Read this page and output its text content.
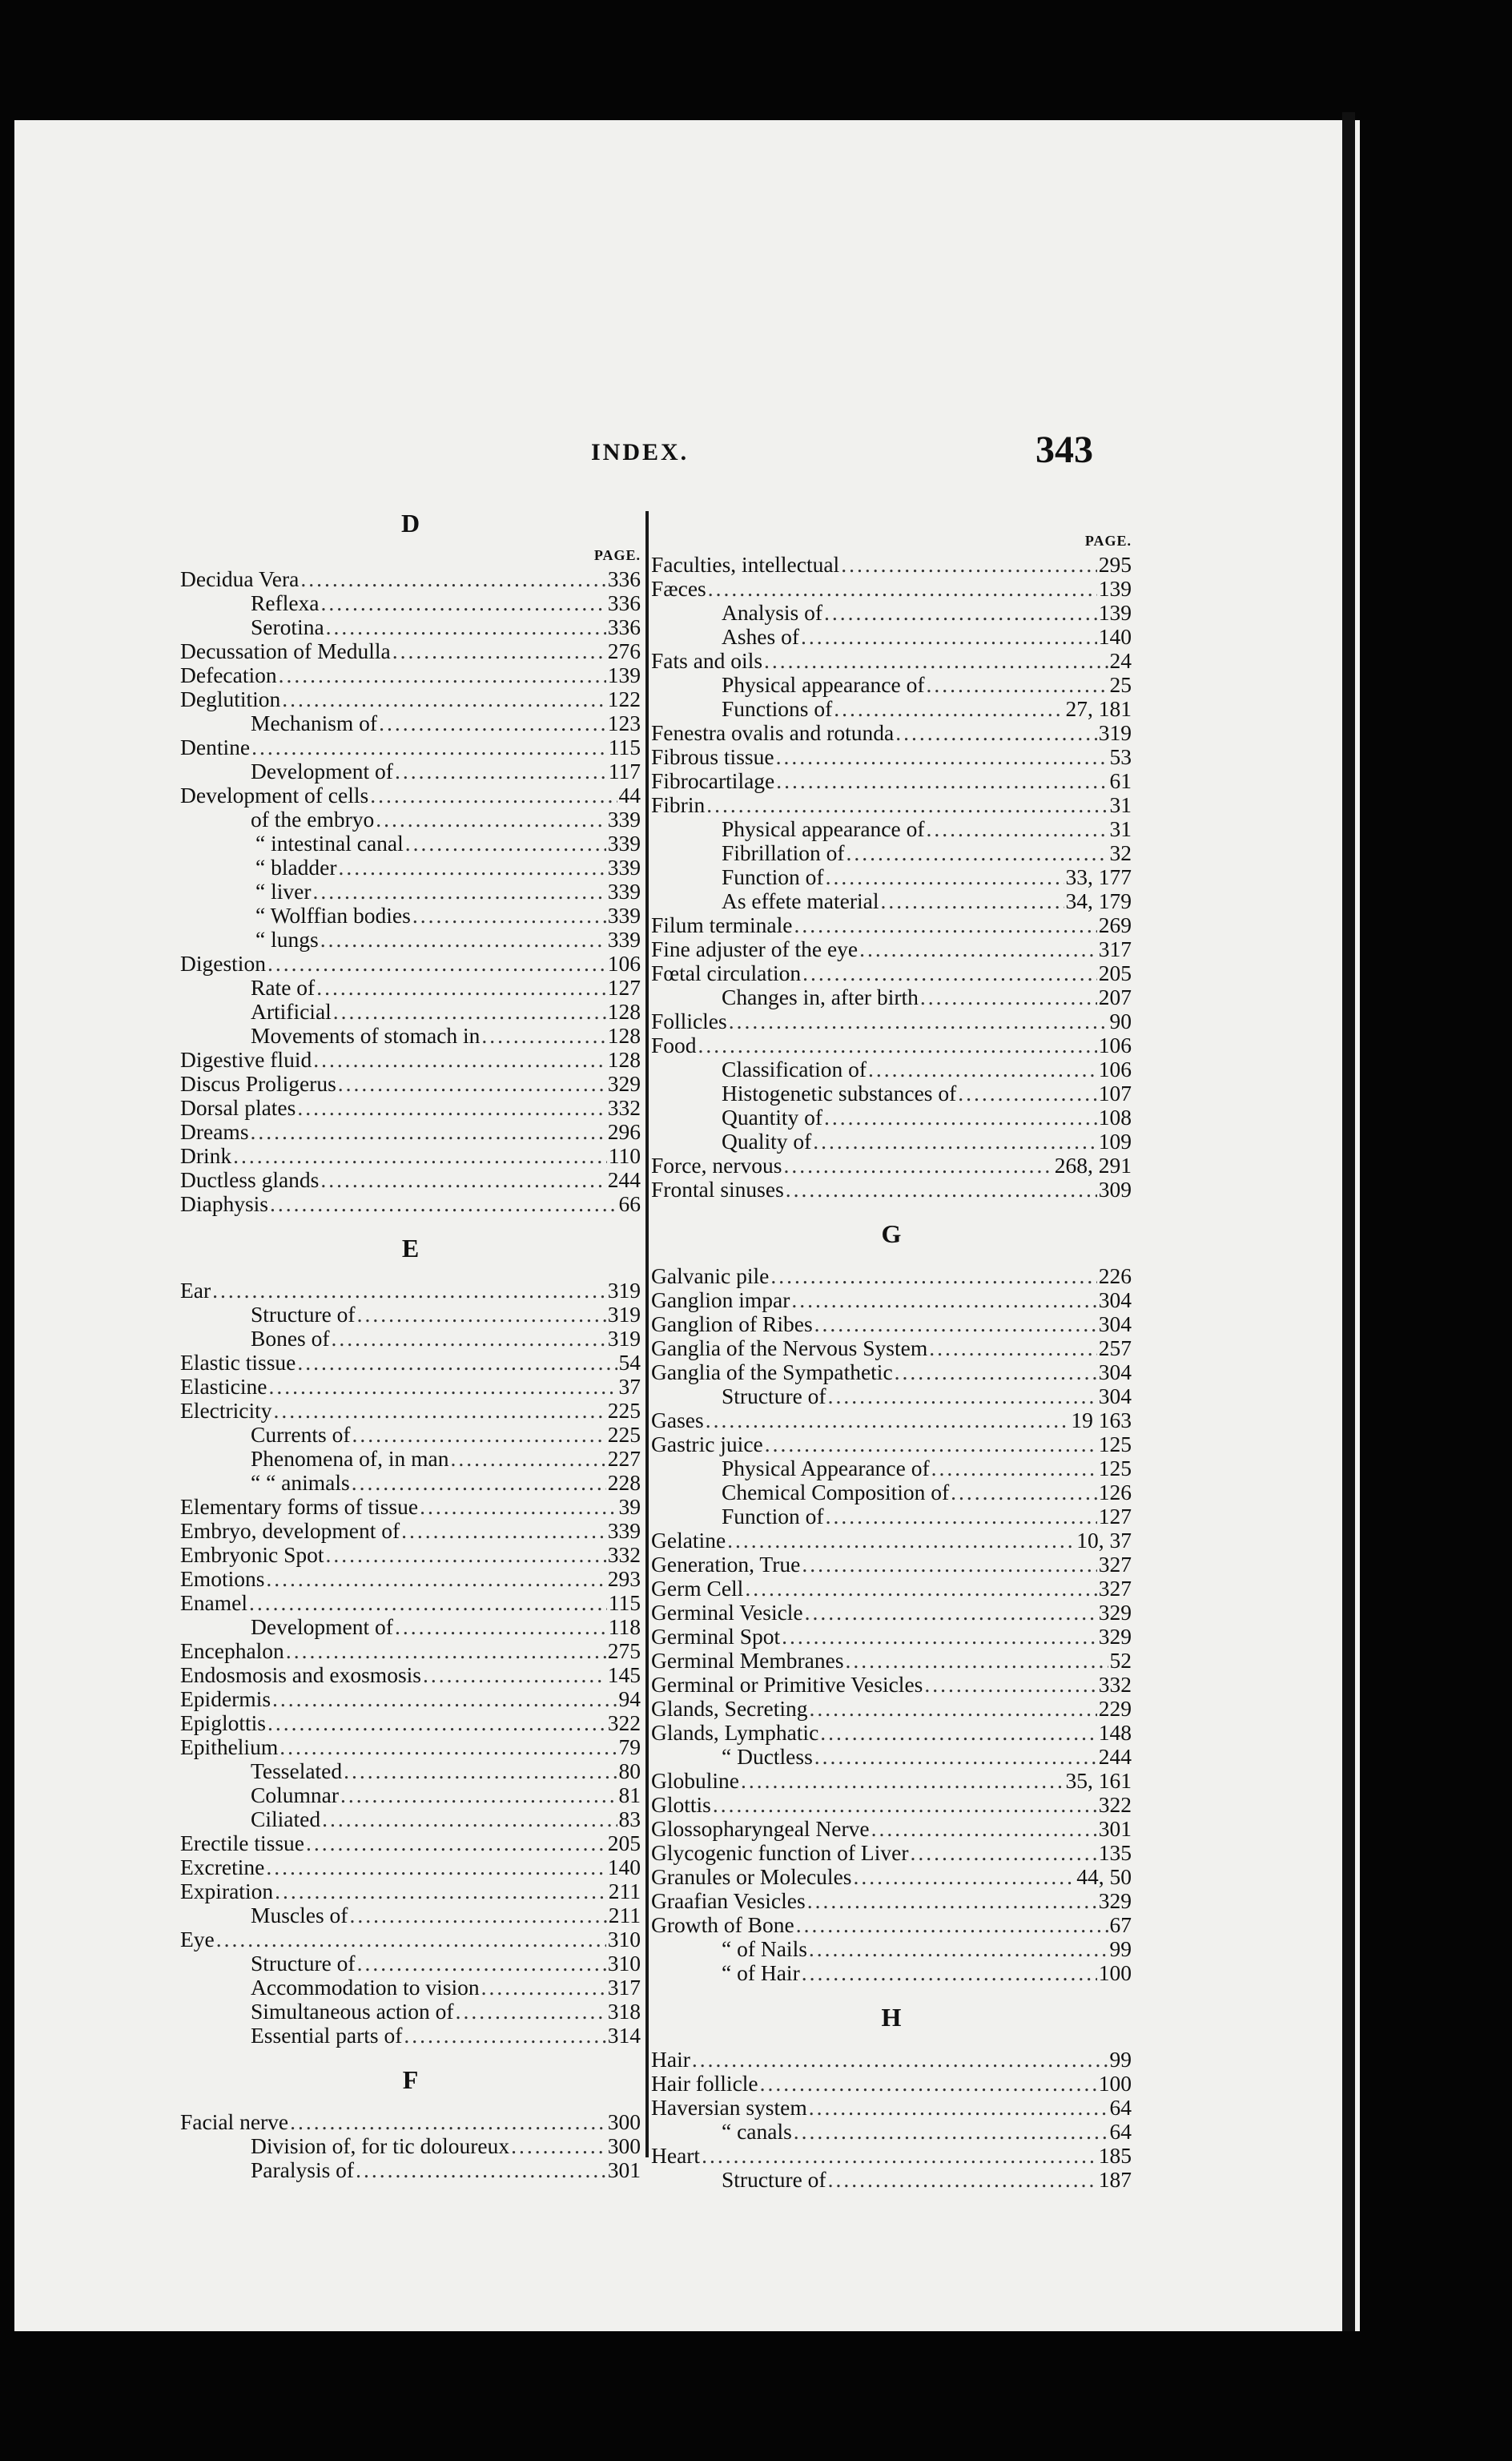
INDEX.	343
D
PAGE.
Decidua Vera .....	336
Reflexa .....	336
Serotina .....	336
Decussation of Medulla .....	276
Defecation .....	139
Deglutition .....	122
Mechanism of .....	123
Dentine .....	115
Development of .....	117
Development of cells .....	44
of the embryo .....	339
“ intestinal canal .....	339
“ bladder .....	339
“ liver .....	339
“ Wolffian bodies .....	339
“ lungs .....	339
Digestion .....	106
Rate of .....	127
Artificial .....	128
Movements of stomach in .....	128
Digestive fluid .....	128
Discus Proligerus .....	329
Dorsal plates .....	332
Dreams .....	296
Drink .....	110
Ductless glands .....	244
Diaphysis .....	66
E
Ear .....	319
Structure of .....	319
Bones of .....	319
Elastic tissue .....	54
Elasticine .....	37
Electricity .....	225
Currents of .....	225
Phenomena of, in man .....	227
“ “ animals .....	228
Elementary forms of tissue .....	39
Embryo, development of .....	339
Embryonic Spot .....	332
Emotions .....	293
Enamel .....	115
Development of .....	118
Encephalon .....	275
Endosmosis and exosmosis .....	145
Epidermis .....	94
Epiglottis .....	322
Epithelium .....	79
Tesselated .....	80
Columnar .....	81
Ciliated .....	83
Erectile tissue .....	205
Excretine .....	140
Expiration .....	211
Muscles of .....	211
Eye .....	310
Structure of .....	310
Accommodation to vision .....	317
Simultaneous action of .....	318
Essential parts of .....	314
F
Facial nerve .....	300
Division of, for tic doloureux .....	300
Paralysis of .....	301
PAGE.
Faculties, intellectual .....	295
Fæces .....	139
Analysis of .....	139
Ashes of .....	140
Fats and oils .....	24
Physical appearance of .....	25
Functions of .....	27, 181
Fenestra ovalis and rotunda .....	319
Fibrous tissue .....	53
Fibrocartilage .....	61
Fibrin .....	31
Physical appearance of .....	31
Fibrillation of .....	32
Function of .....	33, 177
As effete material .....	34, 179
Filum terminale .....	269
Fine adjuster of the eye .....	317
Fœtal circulation .....	205
Changes in, after birth .....	207
Follicles .....	90
Food .....	106
Classification of .....	106
Histogenetic substances of .....	107
Quantity of .....	108
Quality of .....	109
Force, nervous .....	268, 291
Frontal sinuses .....	309
G
Galvanic pile .....	226
Ganglion impar .....	304
Ganglion of Ribes .....	304
Ganglia of the Nervous System .....	257
Ganglia of the Sympathetic .....	304
Structure of .....	304
Gases .....	19 163
Gastric juice .....	125
Physical Appearance of .....	125
Chemical Composition of .....	126
Function of .....	127
Gelatine .....	10, 37
Generation, True .....	327
Germ Cell .....	327
Germinal Vesicle .....	329
Germinal Spot .....	329
Germinal Membranes .....	52
Germinal or Primitive Vesicles .....	332
Glands, Secreting .....	229
Glands, Lymphatic .....	148
“ Ductless .....	244
Globuline .....	35, 161
Glottis .....	322
Glossopharyngeal Nerve .....	301
Glycogenic function of Liver .....	135
Granules or Molecules .....	44, 50
Graafian Vesicles .....	329
Growth of Bone .....	67
“ of Nails .....	99
“ of Hair .....	100
H
Hair .....	99
Hair follicle .....	100
Haversian system .....	64
“ canals .....	64
Heart .....	185
Structure of .....	187
